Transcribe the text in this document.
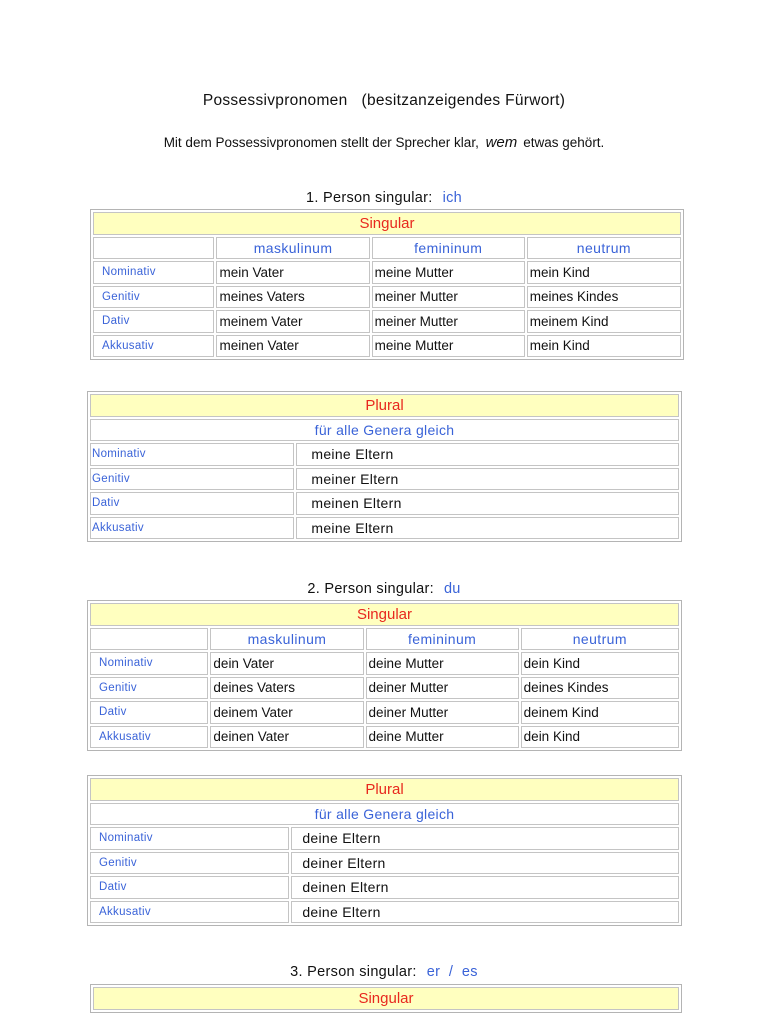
Possessivpronomen (besitzanzeigendes Fürwort)
Mit dem Possessivpronomen stellt der Sprecher klar, wem etwas gehört.
1. Person singular: ich
Singular			
	maskulinum	femininum	neutrum
Nominativ	mein Vater	meine Mutter	mein Kind
Genitiv	meines Vaters	meiner Mutter	meines Kindes
Dativ	meinem Vater	meiner Mutter	meinem Kind
Akkusativ	meinen Vater	meine Mutter	mein Kind
Plural	
für alle Genera gleich	
Nominativ	meine Eltern
Genitiv	meiner Eltern
Dativ	meinen Eltern
Akkusativ	meine Eltern
2. Person singular: du
Singular			
	maskulinum	femininum	neutrum
Nominativ	dein Vater	deine Mutter	dein Kind
Genitiv	deines Vaters	deiner Mutter	deines Kindes
Dativ	deinem Vater	deiner Mutter	deinem Kind
Akkusativ	deinen Vater	deine Mutter	dein Kind
Plural	
für alle Genera gleich	
Nominativ	deine Eltern
Genitiv	deiner Eltern
Dativ	deinen Eltern
Akkusativ	deine Eltern
3. Person singular: er  /  es
Singular
